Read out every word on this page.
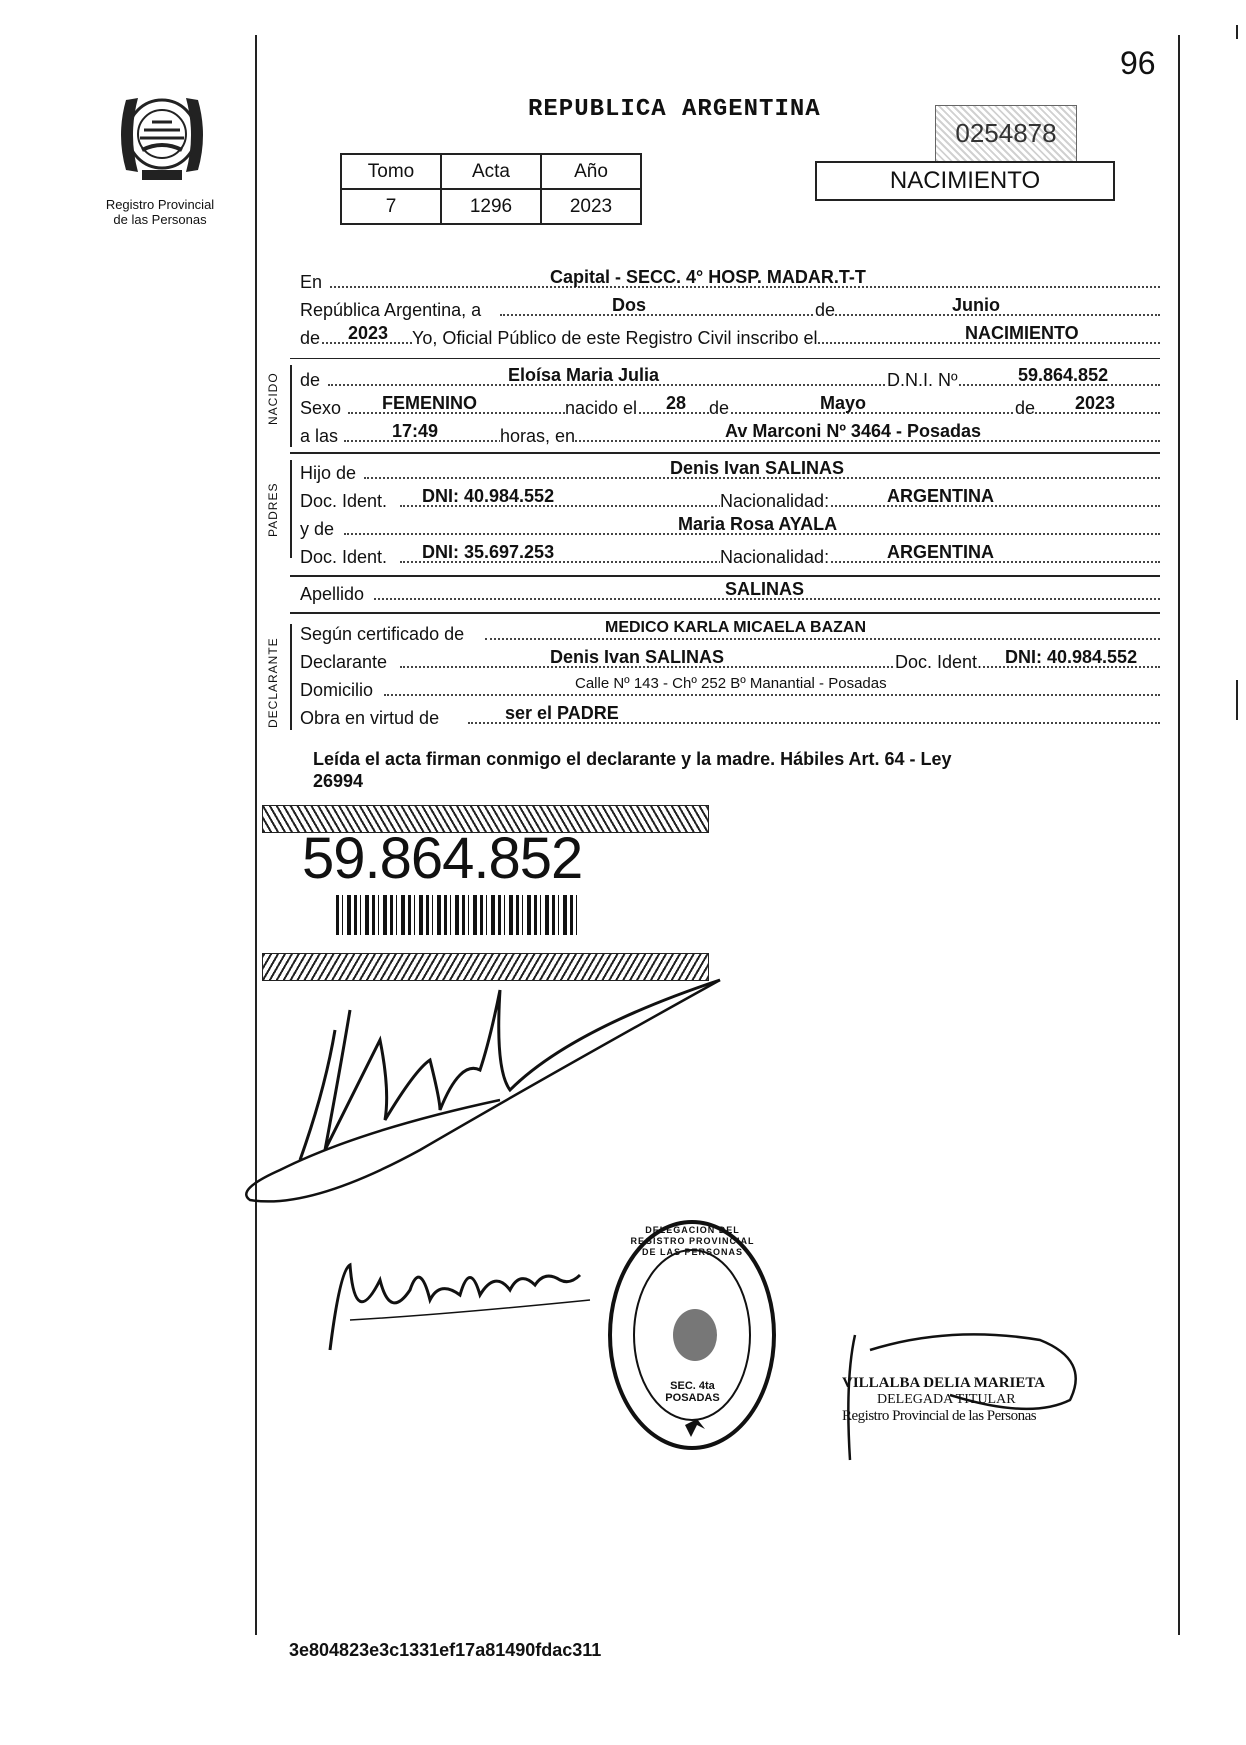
96
Registro Provincial
de las Personas
REPUBLICA ARGENTINA
0254878
Tomo	Acta	Año
7	1296	2023
NACIMIENTO
En	Capital - SECC. 4° HOSP. MADAR.T-T
República Argentina, a	Dos	de	Junio
de 2023 Yo, Oficial Público de este Registro Civil inscribo el	NACIMIENTO
NACIDO de	Eloísa Maria Julia	D.N.I. Nº	59.864.852
Sexo FEMENINO	nacido el 28 de	Mayo	de 2023
a las	17:49	horas, en	Av Marconi Nº 3464 - Posadas
PADRES
Hijo de	Denis Ivan SALINAS
Doc. Ident. DNI: 40.984.552	Nacionalidad:	ARGENTINA
y de	Maria Rosa AYALA
Doc. Ident. DNI: 35.697.253	Nacionalidad:	ARGENTINA
Apellido	SALINAS
DECLARANTE
Según certificado de	MEDICO KARLA MICAELA BAZAN
Declarante	Denis Ivan SALINAS	Doc. Ident. DNI: 40.984.552
Domicilio	Calle Nº 143 - Chº 252 Bº Manantial - Posadas
Obra en virtud de	ser el PADRE
Leída el acta firman conmigo el declarante y la madre. Hábiles Art. 64 - Ley
26994
59.864.852
DELEGACION DEL REGISTRO PROVINCIAL DE LAS PERSONAS
SEC. 4ta POSADAS
VILLALBA DELIA MARIETA
DELEGADA TITULAR
Registro Provincial de las Personas
3e804823e3c1331ef17a81490fdac311
